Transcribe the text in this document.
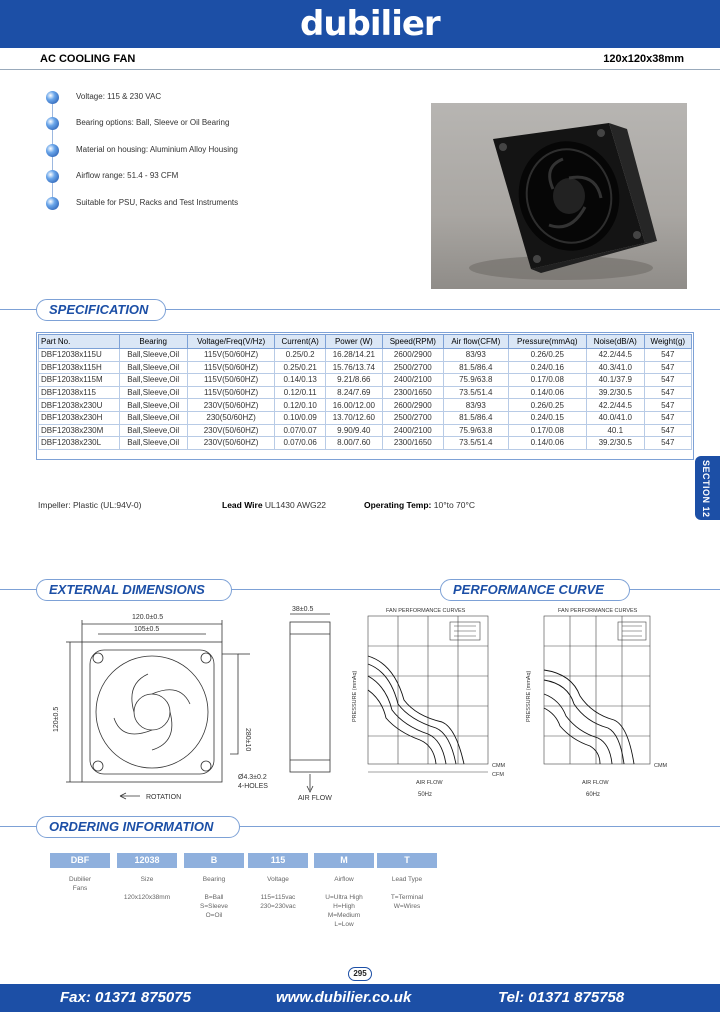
dubilier
AC COOLING FAN	120x120x38mm
Voltage: 115 & 230 VAC
Bearing options: Ball, Sleeve or Oil Bearing
Material on housing: Aluminium Alloy Housing
Airflow range: 51.4 - 93 CFM
Suitable for PSU, Racks and Test Instruments
SPECIFICATION
Part No.	Bearing	Voltage/Freq(V/Hz)	Current(A)	Power (W)	Speed(RPM)	Air flow(CFM)	Pressure(mmAq)	Noise(dB/A)	Weight(g)
DBF12038x115U	Ball,Sleeve,Oil	115V(50/60HZ)	0.25/0.2	16.28/14.21	2600/2900	83/93	0.26/0.25	42.2/44.5	547
DBF12038x115H	Ball,Sleeve,Oil	115V(50/60HZ)	0.25/0.21	15.76/13.74	2500/2700	81.5/86.4	0.24/0.16	40.3/41.0	547
DBF12038x115M	Ball,Sleeve,Oil	115V(50/60HZ)	0.14/0.13	9.21/8.66	2400/2100	75.9/63.8	0.17/0.08	40.1/37.9	547
DBF12038x115	Ball,Sleeve,Oil	115V(50/60HZ)	0.12/0.11	8.24/7.69	2300/1650	73.5/51.4	0.14/0.06	39.2/30.5	547
DBF12038x230U	Ball,Sleeve,Oil	230V(50/60HZ)	0.12/0.10	16.00/12.00	2600/2900	83/93	0.26/0.25	42.2/44.5	547
DBF12038x230H	Ball,Sleeve,Oil	230(50/60HZ)	0.10/0.09	13.70/12.60	2500/2700	81.5/86.4	0.24/0.15	40.0/41.0	547
DBF12038x230M	Ball,Sleeve,Oil	230V(50/60HZ)	0.07/0.07	9.90/9.40	2400/2100	75.9/63.8	0.17/0.08	40.1	547
DBF12038x230L	Ball,Sleeve,Oil	230V(50/60HZ)	0.07/0.06	8.00/7.60	2300/1650	73.5/51.4	0.14/0.06	39.2/30.5	547
Impeller: Plastic (UL:94V-0)	Lead Wire UL1430 AWG22	Operating Temp: 10°to 70°C	SECTION 12
EXTERNAL DIMENSIONS	PERFORMANCE CURVE
120.0±0.5
105±0.5
120±0.5
38±0.5
280±10
Ø4.3±0.2
4-HOLES
ROTATION	AIR FLOW
FAN PERFORMANCE CURVES
PRESSURE (mmAq)
CMM
CFM
AIR FLOW
50Hz
FAN PERFORMANCE CURVES
PRESSURE (mmAq)
CMM
AIR FLOW
60Hz
ORDERING INFORMATION
DBF
Dubilier
Fans
12038
Size

120x120x38mm
B
Bearing

B=Ball
S=Sleeve
O=Oil
115
Voltage

115=115vac
230=230vac
M
Airflow

U=Ultra High
H=High
M=Medium
L=Low
T
Lead Type

T=Terminal
W=Wires
295
Fax: 01371 875075	www.dubilier.co.uk	Tel: 01371 875758
